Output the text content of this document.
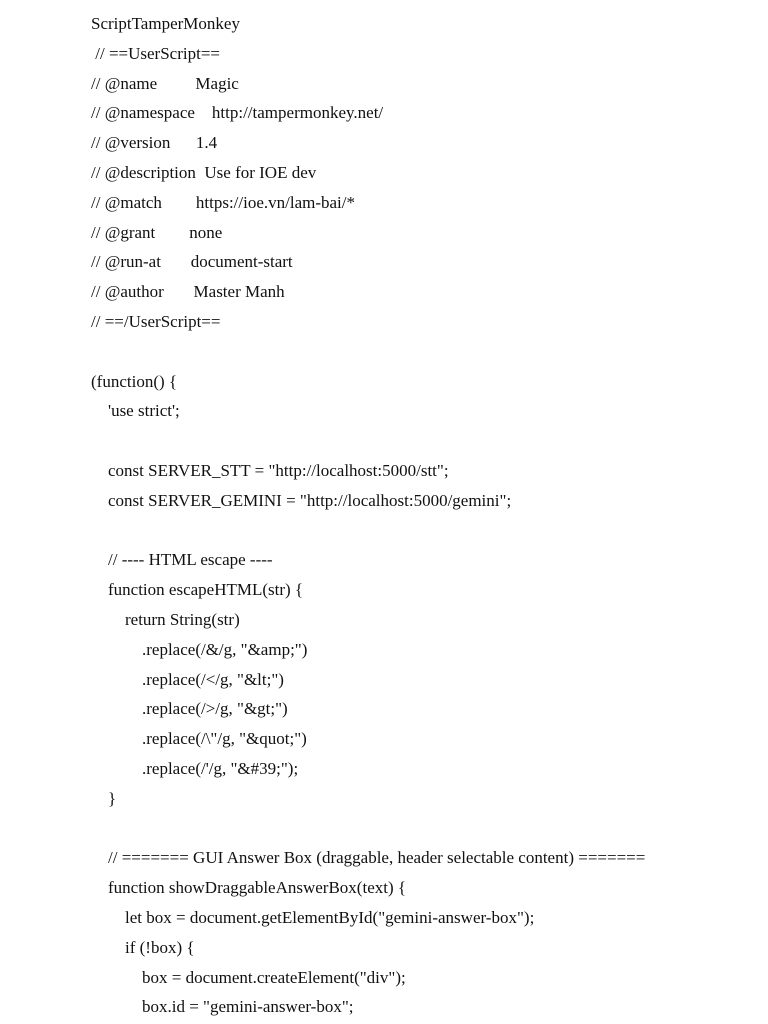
ScriptTamperMonkey
// ==UserScript==
// @name         Magic
// @namespace    http://tampermonkey.net/
// @version      1.4
// @description  Use for IOE dev
// @match        https://ioe.vn/lam-bai/*
// @grant        none
// @run-at       document-start
// @author       Master Manh
// ==/UserScript==
(function() {
'use strict';
const SERVER_STT = "http://localhost:5000/stt";
const SERVER_GEMINI = "http://localhost:5000/gemini";
// ---- HTML escape ----
function escapeHTML(str) {
return String(str)
.replace(/&/g, "&amp;")
.replace(/</g, "&lt;")
.replace(/>/g, "&gt;")
.replace(/\"/g, "&quot;")
.replace(/'/g, "&#39;");
}
// ======= GUI Answer Box (draggable, header selectable content) =======
function showDraggableAnswerBox(text) {
let box = document.getElementById("gemini-answer-box");
if (!box) {
box = document.createElement("div");
box.id = "gemini-answer-box";
